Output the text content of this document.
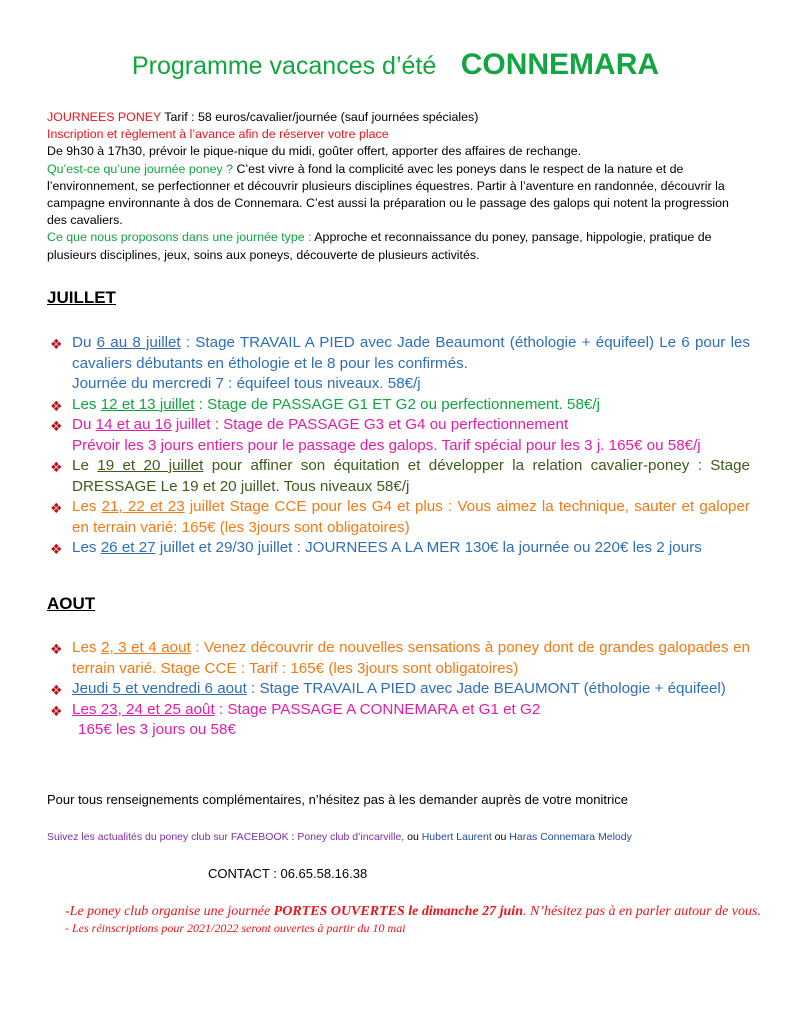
Programme vacances d’été CONNEMARA

JOURNEES PONEY Tarif : 58 euros/cavalier/journée (sauf journées spéciales)

Inscription et règlement à l’avance afin de réserver votre place

De 9h30 à 17h30, prévoir le pique-nique du midi, goûter offert, apporter des affaires de rechange.

Qu’est-ce qu’une journée poney ? C’est vivre à fond la complicité avec les poneys dans le respect de la nature et de l’environnement, se perfectionner et découvrir plusieurs disciplines équestres. Partir à l’aventure en randonnée, découvrir la campagne environnante à dos de Connemara. C’est aussi la préparation ou le passage des galops qui notent la progression des cavaliers.

Ce que nous proposons dans une journée type : Approche et reconnaissance du poney, pansage, hippologie, pratique de plusieurs disciplines, jeux, soins aux poneys, découverte de plusieurs activités.

JUILLET
❖ Du 6 au 8 juillet : Stage TRAVAIL A PIED avec Jade Beaumont (éthologie + équifeel) Le 6 pour les cavaliers débutants en éthologie et le 8 pour les confirmés.
Journée du mercredi 7 : équifeel tous niveaux. 58€/j
❖ Les 12 et 13 juillet : Stage de PASSAGE G1 ET G2 ou perfectionnement. 58€/j
❖ Du 14 et au 16 juillet : Stage de PASSAGE G3 et G4 ou perfectionnement
Prévoir les 3 jours entiers pour le passage des galops. Tarif spécial pour les 3 j. 165€ ou 58€/j
❖ Le 19 et 20 juillet pour affiner son équitation et développer la relation cavalier-poney : Stage DRESSAGE Le 19 et 20 juillet. Tous niveaux 58€/j
❖ Les 21, 22 et 23 juillet Stage CCE pour les G4 et plus : Vous aimez la technique, sauter et galoper en terrain varié: 165€ (les 3jours sont obligatoires)
❖ Les 26 et 27 juillet et 29/30 juillet : JOURNEES A LA MER 130€ la journée ou 220€ les 2 jours
AOUT
❖ Les 2, 3 et 4 aout : Venez découvrir de nouvelles sensations à poney dont de grandes galopades en terrain varié. Stage CCE : Tarif : 165€ (les 3jours sont obligatoires)
❖ Jeudi 5 et vendredi 6 aout : Stage TRAVAIL A PIED avec Jade BEAUMONT (éthologie + équifeel)
❖ Les 23, 24 et 25 août : Stage PASSAGE A CONNEMARA et G1 et G2
165€ les 3 jours ou 58€
Pour tous renseignements complémentaires, n’hésitez pas à les demander auprès de votre monitrice
Suivez les actualités du poney club sur FACEBOOK : Poney club d’incarville, ou Hubert Laurent ou Haras Connemara Melody
CONTACT : 06.65.58.16.38

-Le poney club organise une journée PORTES OUVERTES le dimanche 27 juin. N’hésitez pas à en parler autour de vous.

- Les réinscriptions pour 2021/2022 seront ouvertes à partir du 10 mai
